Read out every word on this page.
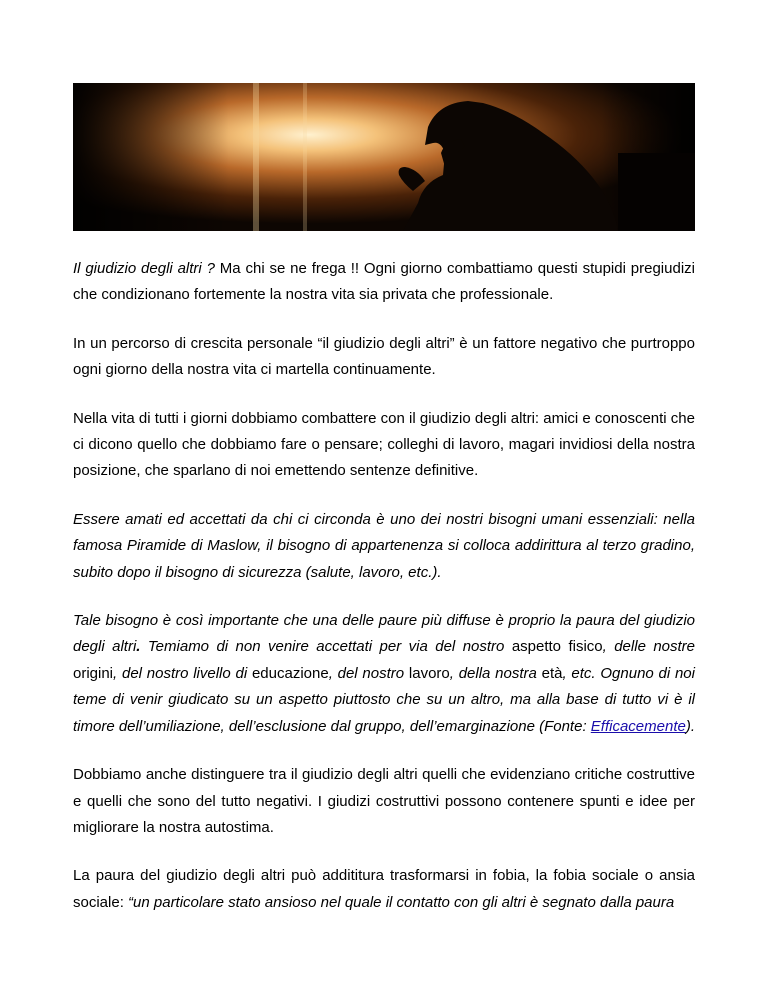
Il giudizio degli altri ? Ma chi se ne frega !! Ogni giorno combattiamo questi stupidi pregiudizi che condizionano fortemente la nostra vita sia privata che professionale.

In un percorso di crescita personale “il giudizio degli altri” è un fattore negativo che purtroppo ogni giorno della nostra vita ci martella continuamente.

Nella vita di tutti i giorni dobbiamo combattere con il giudizio degli altri: amici e conoscenti che ci dicono quello che dobbiamo fare o pensare; colleghi di lavoro, magari invidiosi della nostra posizione, che sparlano di noi emettendo sentenze definitive.

Essere amati ed accettati da chi ci circonda è uno dei nostri bisogni umani essenziali: nella famosa Piramide di Maslow, il bisogno di appartenenza si colloca addirittura al terzo gradino, subito dopo il bisogno di sicurezza (salute, lavoro, etc.).

Tale bisogno è così importante che una delle paure più diffuse è proprio la paura del giudizio degli altri. Temiamo di non venire accettati per via del nostro aspetto fisico, delle nostre origini, del nostro livello di educazione, del nostro lavoro, della nostra età, etc. Ognuno di noi teme di venir giudicato su un aspetto piuttosto che su un altro, ma alla base di tutto vi è il timore dell’umiliazione, dell’esclusione dal gruppo, dell’emarginazione (Fonte: Efficacemente).

Dobbiamo anche distinguere tra il giudizio degli altri quelli che evidenziano critiche costruttive e quelli che sono del tutto negativi. I giudizi costruttivi possono contenere spunti e idee per migliorare la nostra autostima.

La paura del giudizio degli altri può addititura trasformarsi in fobia, la fobia sociale o ansia sociale: “un particolare stato ansioso nel quale il contatto con gli altri è segnato dalla paura
